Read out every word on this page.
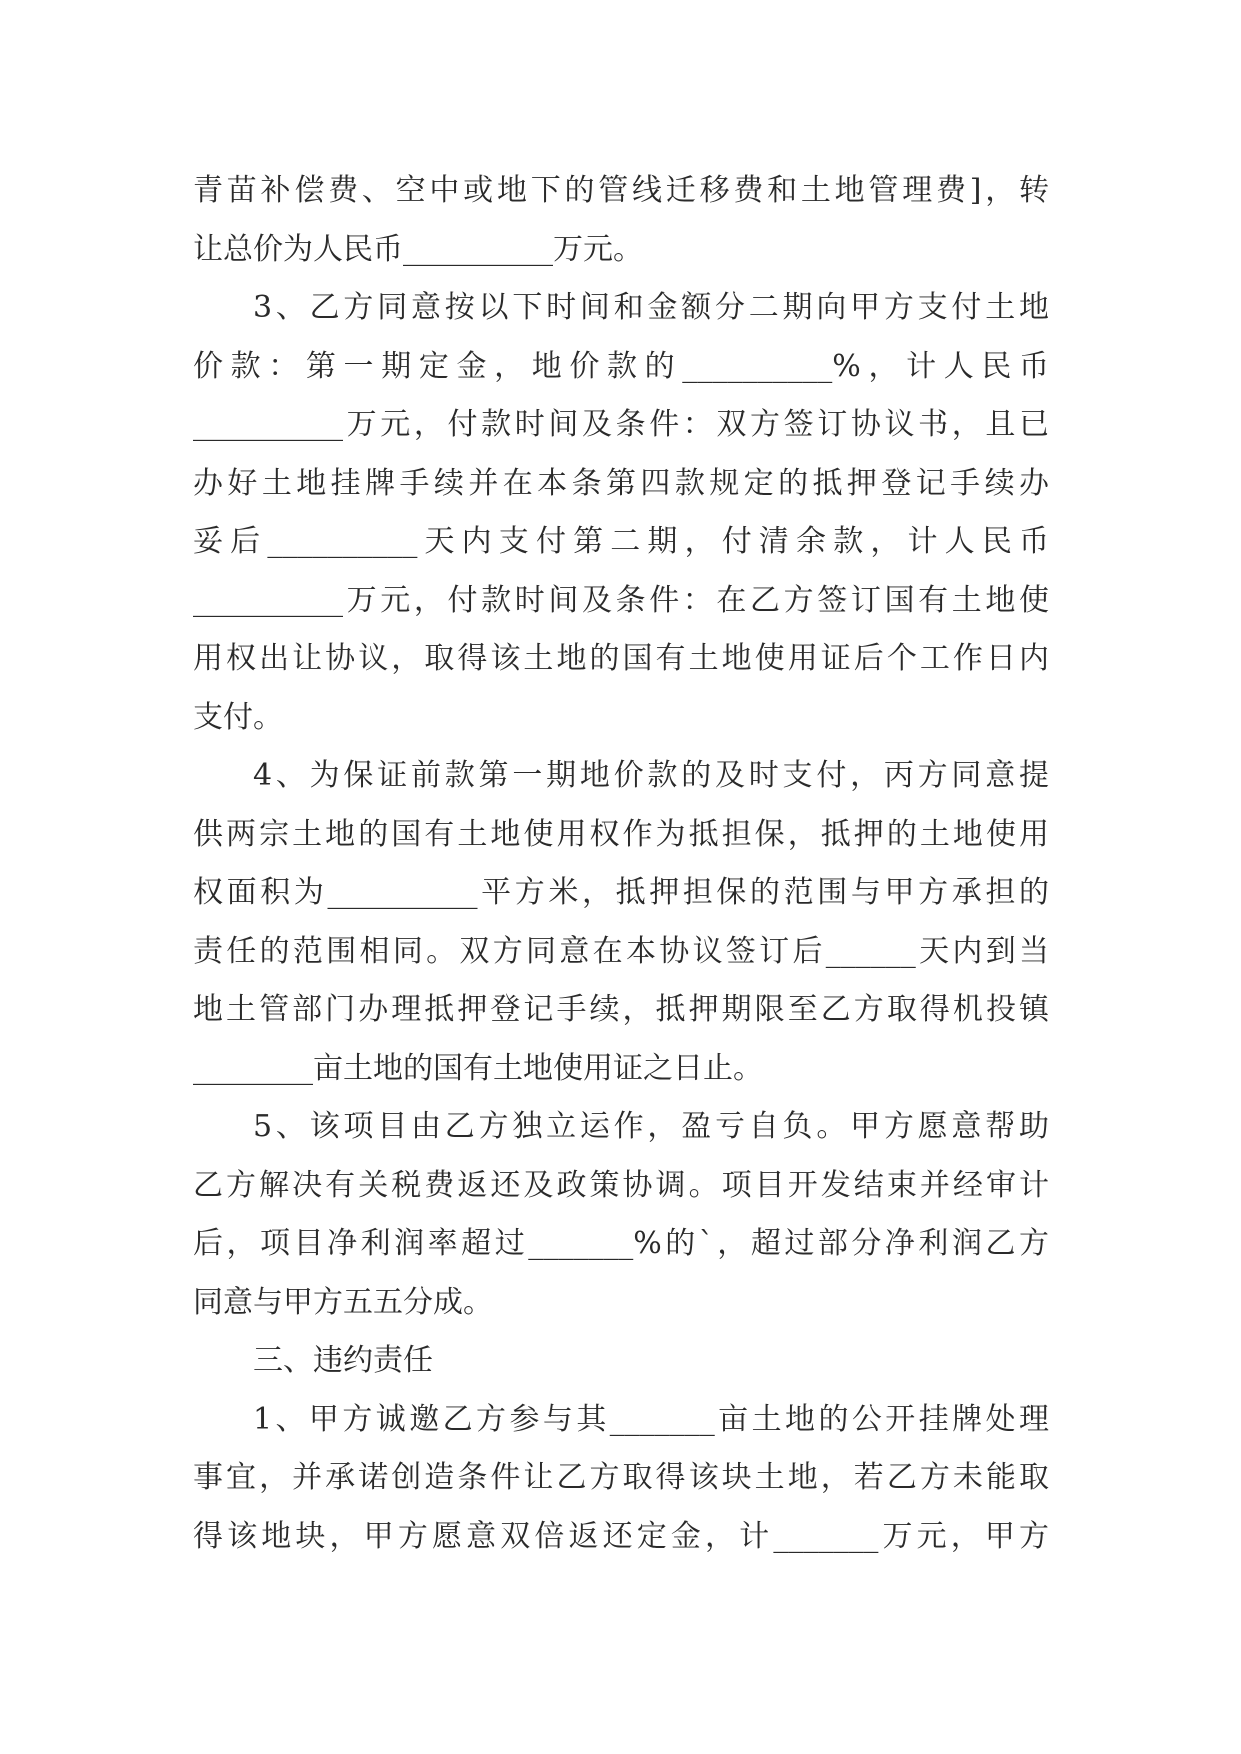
青苗补偿费、空中或地下的管线迁移费和土地管理费]，转
让总价为人民币__________万元。
3、乙方同意按以下时间和金额分二期向甲方支付土地
价款：第一期定金，地价款的__________%，计人民币
__________万元，付款时间及条件：双方签订协议书，且已
办好土地挂牌手续并在本条第四款规定的抵押登记手续办
妥后__________天内支付第二期，付清余款，计人民币
__________万元，付款时间及条件：在乙方签订国有土地使
用权出让协议，取得该土地的国有土地使用证后个工作日内
支付。
4、为保证前款第一期地价款的及时支付，丙方同意提
供两宗土地的国有土地使用权作为抵担保，抵押的土地使用
权面积为__________平方米，抵押担保的范围与甲方承担的
责任的范围相同。双方同意在本协议签订后______天内到当
地土管部门办理抵押登记手续，抵押期限至乙方取得机投镇
________亩土地的国有土地使用证之日止。
5、该项目由乙方独立运作，盈亏自负。甲方愿意帮助
乙方解决有关税费返还及政策协调。项目开发结束并经审计
后，项目净利润率超过_______%的`，超过部分净利润乙方
同意与甲方五五分成。
三、违约责任
1、甲方诚邀乙方参与其_______亩土地的公开挂牌处理
事宜，并承诺创造条件让乙方取得该块土地，若乙方未能取
得该地块，甲方愿意双倍返还定金，计_______万元，甲方
